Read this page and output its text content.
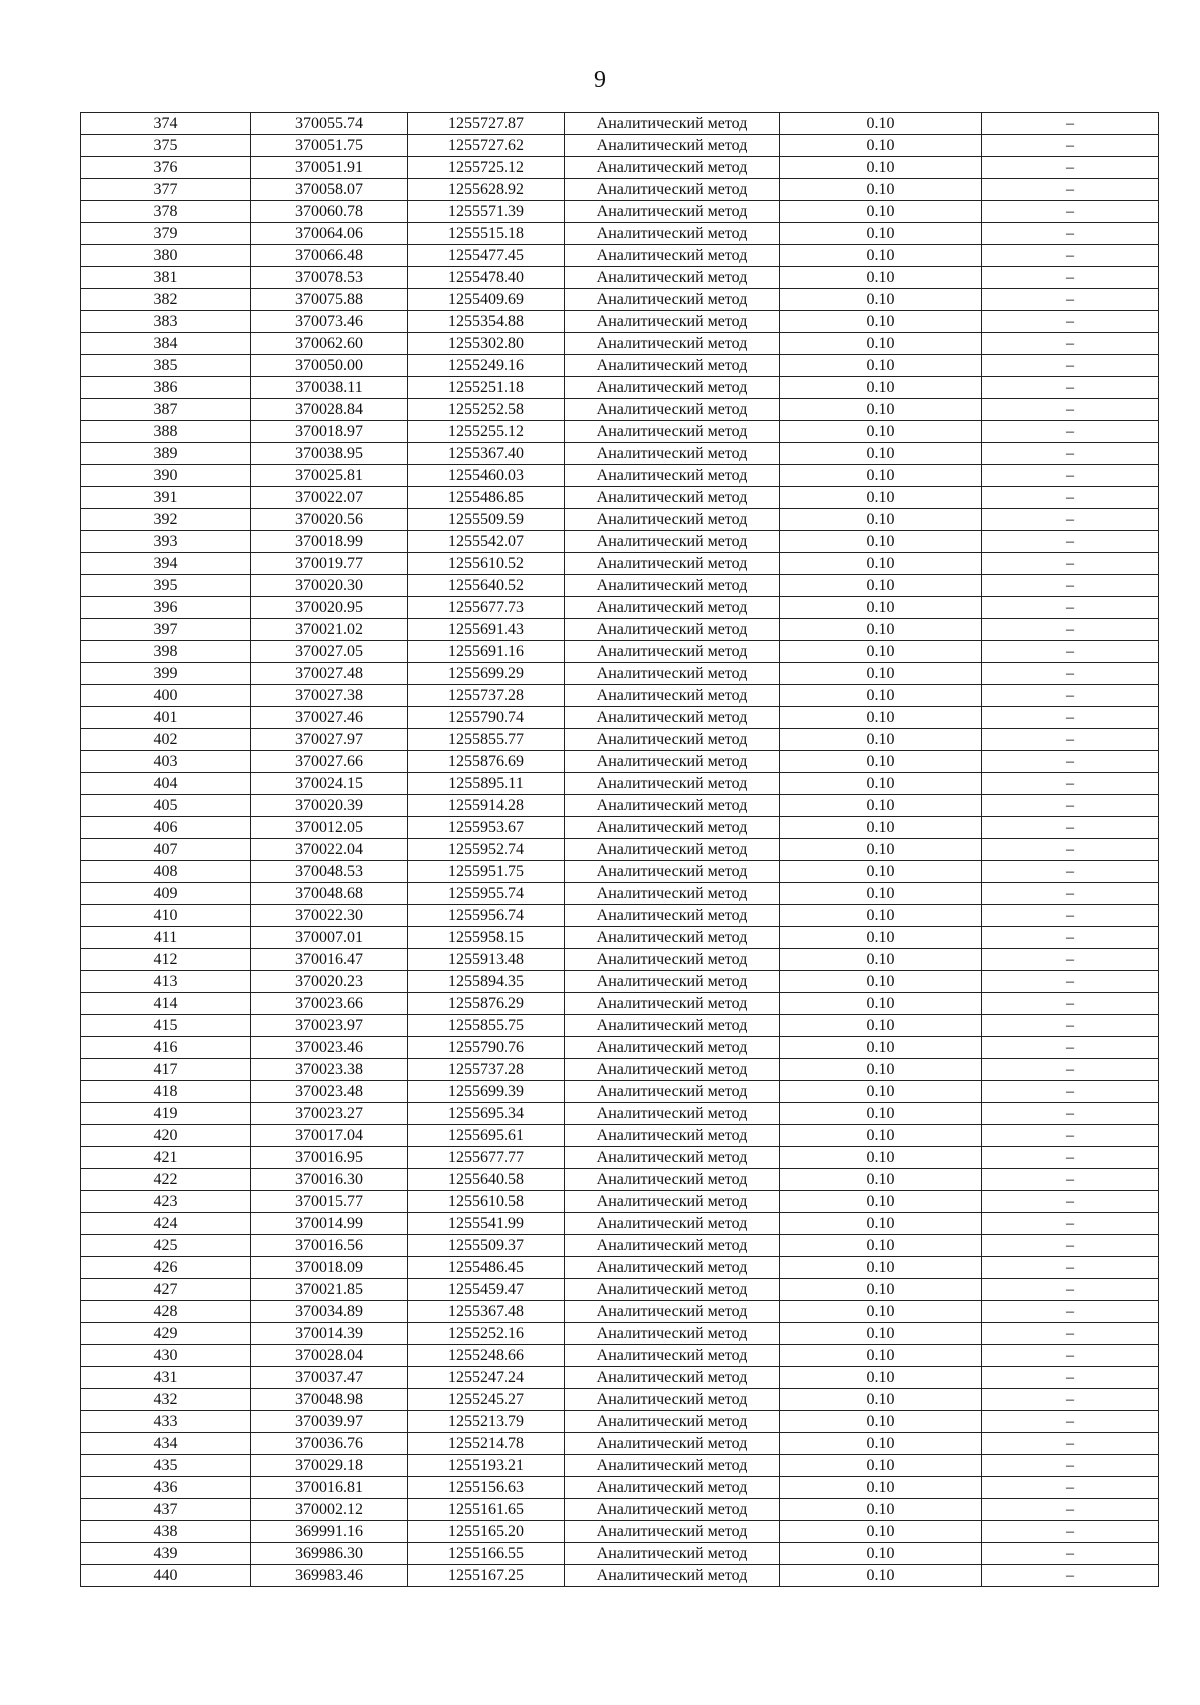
9
374	370055.74	1255727.87	Аналитический метод	0.10	–
375	370051.75	1255727.62	Аналитический метод	0.10	–
376	370051.91	1255725.12	Аналитический метод	0.10	–
377	370058.07	1255628.92	Аналитический метод	0.10	–
378	370060.78	1255571.39	Аналитический метод	0.10	–
379	370064.06	1255515.18	Аналитический метод	0.10	–
380	370066.48	1255477.45	Аналитический метод	0.10	–
381	370078.53	1255478.40	Аналитический метод	0.10	–
382	370075.88	1255409.69	Аналитический метод	0.10	–
383	370073.46	1255354.88	Аналитический метод	0.10	–
384	370062.60	1255302.80	Аналитический метод	0.10	–
385	370050.00	1255249.16	Аналитический метод	0.10	–
386	370038.11	1255251.18	Аналитический метод	0.10	–
387	370028.84	1255252.58	Аналитический метод	0.10	–
388	370018.97	1255255.12	Аналитический метод	0.10	–
389	370038.95	1255367.40	Аналитический метод	0.10	–
390	370025.81	1255460.03	Аналитический метод	0.10	–
391	370022.07	1255486.85	Аналитический метод	0.10	–
392	370020.56	1255509.59	Аналитический метод	0.10	–
393	370018.99	1255542.07	Аналитический метод	0.10	–
394	370019.77	1255610.52	Аналитический метод	0.10	–
395	370020.30	1255640.52	Аналитический метод	0.10	–
396	370020.95	1255677.73	Аналитический метод	0.10	–
397	370021.02	1255691.43	Аналитический метод	0.10	–
398	370027.05	1255691.16	Аналитический метод	0.10	–
399	370027.48	1255699.29	Аналитический метод	0.10	–
400	370027.38	1255737.28	Аналитический метод	0.10	–
401	370027.46	1255790.74	Аналитический метод	0.10	–
402	370027.97	1255855.77	Аналитический метод	0.10	–
403	370027.66	1255876.69	Аналитический метод	0.10	–
404	370024.15	1255895.11	Аналитический метод	0.10	–
405	370020.39	1255914.28	Аналитический метод	0.10	–
406	370012.05	1255953.67	Аналитический метод	0.10	–
407	370022.04	1255952.74	Аналитический метод	0.10	–
408	370048.53	1255951.75	Аналитический метод	0.10	–
409	370048.68	1255955.74	Аналитический метод	0.10	–
410	370022.30	1255956.74	Аналитический метод	0.10	–
411	370007.01	1255958.15	Аналитический метод	0.10	–
412	370016.47	1255913.48	Аналитический метод	0.10	–
413	370020.23	1255894.35	Аналитический метод	0.10	–
414	370023.66	1255876.29	Аналитический метод	0.10	–
415	370023.97	1255855.75	Аналитический метод	0.10	–
416	370023.46	1255790.76	Аналитический метод	0.10	–
417	370023.38	1255737.28	Аналитический метод	0.10	–
418	370023.48	1255699.39	Аналитический метод	0.10	–
419	370023.27	1255695.34	Аналитический метод	0.10	–
420	370017.04	1255695.61	Аналитический метод	0.10	–
421	370016.95	1255677.77	Аналитический метод	0.10	–
422	370016.30	1255640.58	Аналитический метод	0.10	–
423	370015.77	1255610.58	Аналитический метод	0.10	–
424	370014.99	1255541.99	Аналитический метод	0.10	–
425	370016.56	1255509.37	Аналитический метод	0.10	–
426	370018.09	1255486.45	Аналитический метод	0.10	–
427	370021.85	1255459.47	Аналитический метод	0.10	–
428	370034.89	1255367.48	Аналитический метод	0.10	–
429	370014.39	1255252.16	Аналитический метод	0.10	–
430	370028.04	1255248.66	Аналитический метод	0.10	–
431	370037.47	1255247.24	Аналитический метод	0.10	–
432	370048.98	1255245.27	Аналитический метод	0.10	–
433	370039.97	1255213.79	Аналитический метод	0.10	–
434	370036.76	1255214.78	Аналитический метод	0.10	–
435	370029.18	1255193.21	Аналитический метод	0.10	–
436	370016.81	1255156.63	Аналитический метод	0.10	–
437	370002.12	1255161.65	Аналитический метод	0.10	–
438	369991.16	1255165.20	Аналитический метод	0.10	–
439	369986.30	1255166.55	Аналитический метод	0.10	–
440	369983.46	1255167.25	Аналитический метод	0.10	–
